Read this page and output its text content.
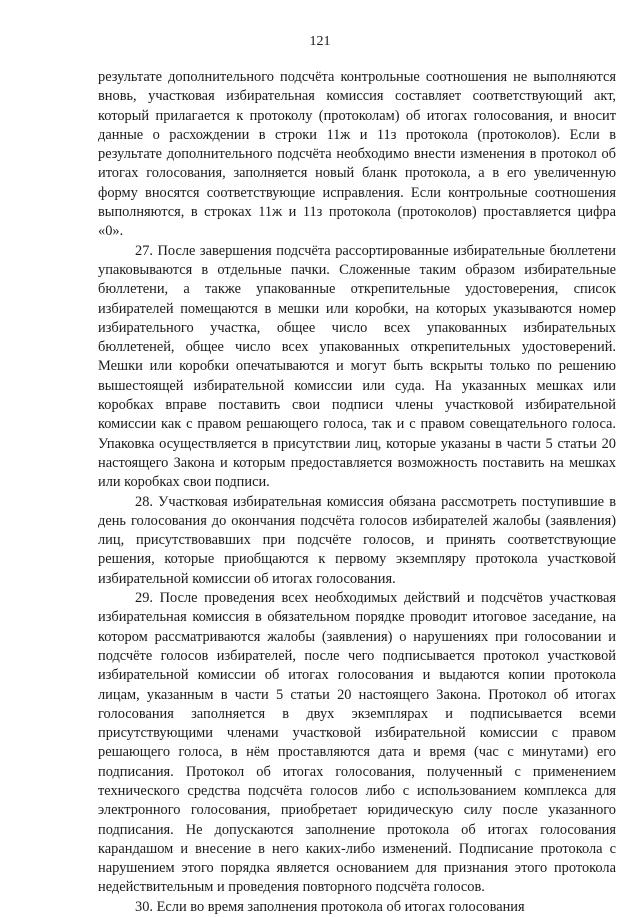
121

результате дополнительного подсчёта контрольные соотношения не выполняются вновь, участковая избирательная комиссия составляет соответствующий акт, который прилагается к протоколу (протоколам) об итогах голосования, и вносит данные о расхождении в строки 11ж и 11з протокола (протоколов). Если в результате дополнительного подсчёта необходимо внести изменения в протокол об итогах голосования, заполняется новый бланк протокола, а в его увеличенную форму вносятся соответствующие исправления. Если контрольные соотношения выполняются, в строках 11ж и 11з протокола (протоколов) проставляется цифра «0».

27. После завершения подсчёта рассортированные избирательные бюллетени упаковываются в отдельные пачки. Сложенные таким образом избирательные бюллетени, а также упакованные открепительные удостоверения, список избирателей помещаются в мешки или коробки, на которых указываются номер избирательного участка, общее число всех упакованных избирательных бюллетеней, общее число всех упакованных открепительных удостоверений. Мешки или коробки опечатываются и могут быть вскрыты только по решению вышестоящей избирательной комиссии или суда. На указанных мешках или коробках вправе поставить свои подписи члены участковой избирательной комиссии как с правом решающего голоса, так и с правом совещательного голоса. Упаковка осуществляется в присутствии лиц, которые указаны в части 5 статьи 20 настоящего Закона и которым предоставляется возможность поставить на мешках или коробках свои подписи.

28. Участковая избирательная комиссия обязана рассмотреть поступившие в день голосования до окончания подсчёта голосов избирателей жалобы (заявления) лиц, присутствовавших при подсчёте голосов, и принять соответствующие решения, которые приобщаются к первому экземпляру протокола участковой избирательной комиссии об итогах голосования.

29. После проведения всех необходимых действий и подсчётов участковая избирательная комиссия в обязательном порядке проводит итоговое заседание, на котором рассматриваются жалобы (заявления) о нарушениях при голосовании и подсчёте голосов избирателей, после чего подписывается протокол участковой избирательной комиссии об итогах голосования и выдаются копии протокола лицам, указанным в части 5 статьи 20 настоящего Закона. Протокол об итогах голосования заполняется в двух экземплярах и подписывается всеми присутствующими членами участковой избирательной комиссии с правом решающего голоса, в нём проставляются дата и время (час с минутами) его подписания. Протокол об итогах голосования, полученный с применением технического средства подсчёта голосов либо с использованием комплекса для электронного голосования, приобретает юридическую силу после указанного подписания. Не допускаются заполнение протокола об итогах голосования карандашом и внесение в него каких-либо изменений. Подписание протокола с нарушением этого порядка является основанием для признания этого протокола недействительным и проведения повторного подсчёта голосов.

30. Если во время заполнения протокола об итогах голосования
